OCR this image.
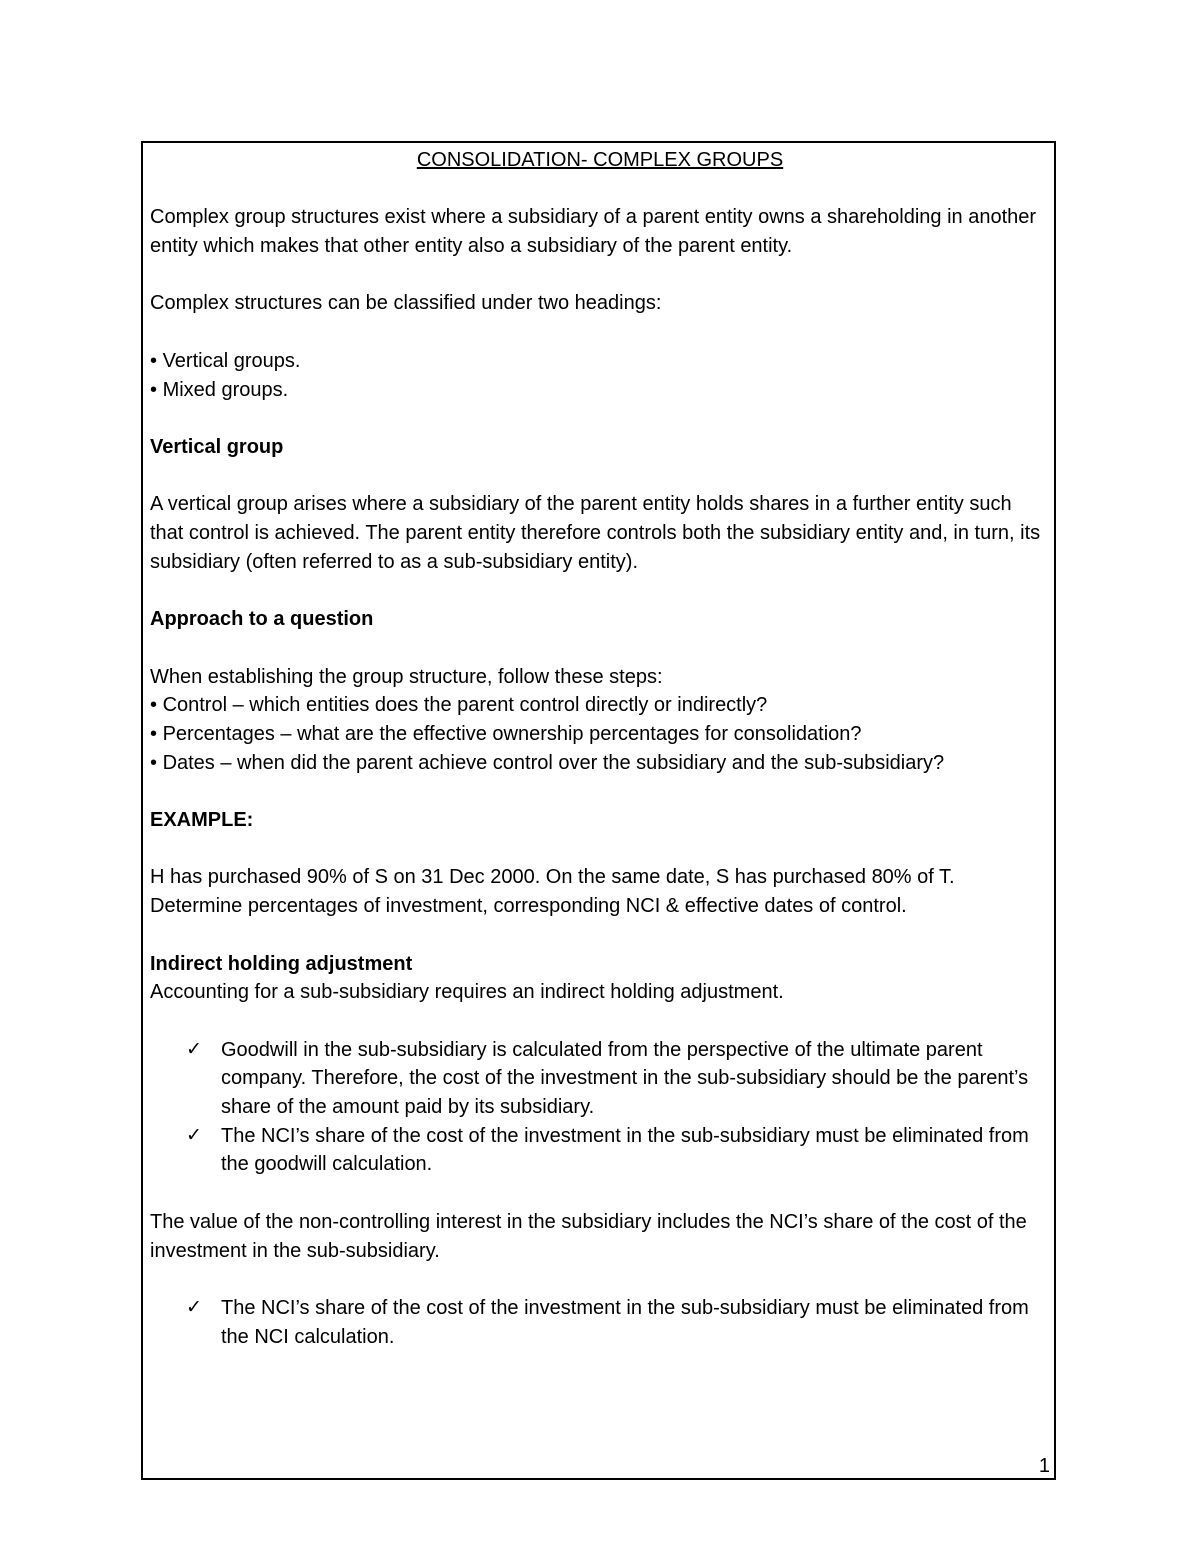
CONSOLIDATION- COMPLEX GROUPS

Complex group structures exist where a subsidiary of a parent entity owns a shareholding in another entity which makes that other entity also a subsidiary of the parent entity.

Complex structures can be classified under two headings:

• Vertical groups.
• Mixed groups.

Vertical group

A vertical group arises where a subsidiary of the parent entity holds shares in a further entity such that control is achieved. The parent entity therefore controls both the subsidiary entity and, in turn, its subsidiary (often referred to as a sub-subsidiary entity).

Approach to a question

When establishing the group structure, follow these steps:

• Control – which entities does the parent control directly or indirectly?
• Percentages – what are the effective ownership percentages for consolidation?
• Dates – when did the parent achieve control over the subsidiary and the sub-subsidiary?

EXAMPLE:

H has purchased 90% of S on 31 Dec 2000. On the same date, S has purchased 80% of T. Determine percentages of investment, corresponding NCI & effective dates of control.

Indirect holding adjustment

Accounting for a sub-subsidiary requires an indirect holding adjustment.

✓ Goodwill in the sub-subsidiary is calculated from the perspective of the ultimate parent company. Therefore, the cost of the investment in the sub-subsidiary should be the parent’s share of the amount paid by its subsidiary.
✓ The NCI’s share of the cost of the investment in the sub-subsidiary must be eliminated from the goodwill calculation.

The value of the non-controlling interest in the subsidiary includes the NCI’s share of the cost of the investment in the sub-subsidiary.

✓ The NCI’s share of the cost of the investment in the sub-subsidiary must be eliminated from the NCI calculation.
1
